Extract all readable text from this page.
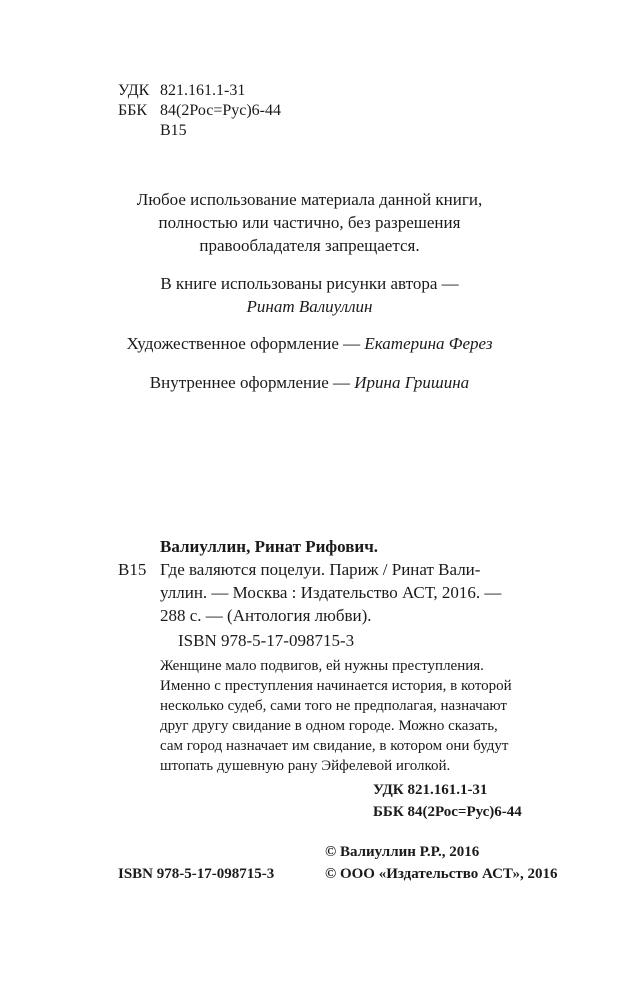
УДК 821.161.1-31
ББК 84(2Рос=Рус)6-44
В15
Любое использование материала данной книги,
полностью или частично, без разрешения
правообладателя запрещается.
В книге использованы рисунки автора —
Ринат Валиуллин
Художественное оформление — Екатерина Ферез
Внутреннее оформление — Ирина Гришина
Валиуллин, Ринат Рифович.
В15 Где валяются поцелуи. Париж / Ринат Вали-
уллин. — Москва : Издательство АСТ, 2016. —
288 с. — (Антология любви).
ISBN 978-5-17-098715-3
Женщине мало подвигов, ей нужны преступления.
Именно с преступления начинается история, в которой
несколько судеб, сами того не предполагая, назначают
друг другу свидание в одном городе. Можно сказать,
сам город назначает им свидание, в котором они будут
штопать душевную рану Эйфелевой иголкой.
УДК 821.161.1-31
ББК 84(2Рос=Рус)6-44
© Валиуллин Р.Р., 2016
ISBN 978-5-17-098715-3	© ООО «Издательство АСТ», 2016
